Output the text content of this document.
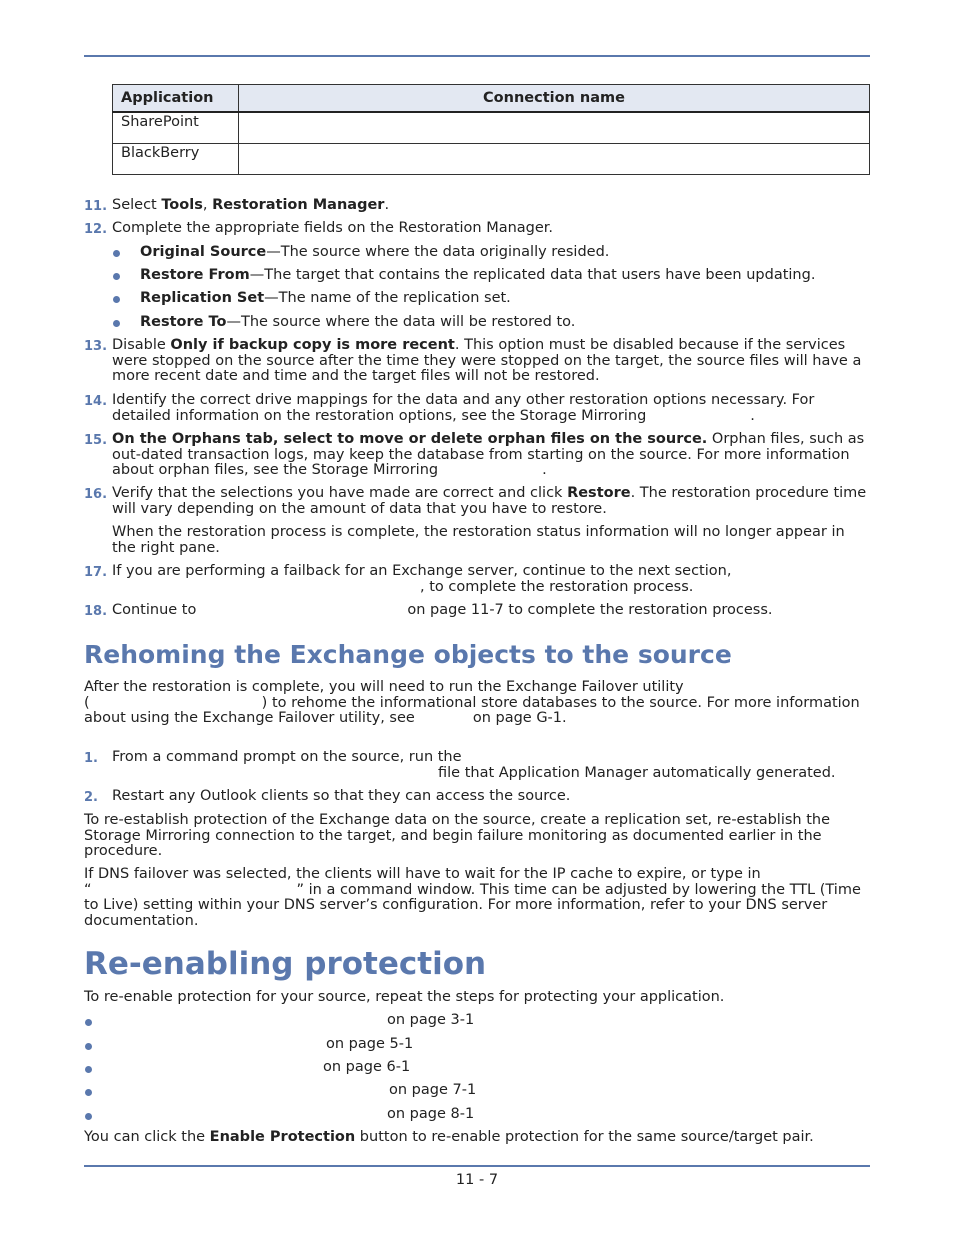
Application	Connection name
SharePoint	
BlackBerry	
11. Select Tools, Restoration Manager.
12. Complete the appropriate fields on the Restoration Manager.
Original Source—The source where the data originally resided.
Restore From—The target that contains the replicated data that users have been updating.
Replication Set—The name of the replication set.
Restore To—The source where the data will be restored to.
13. Disable Only if backup copy is more recent. This option must be disabled because if the services were stopped on the source after the time they were stopped on the target, the source files will have a more recent date and time and the target files will not be restored.
14. Identify the correct drive mappings for the data and any other restoration options necessary. For detailed information on the restoration options, see the Storage Mirroring	.
15. On the Orphans tab, select to move or delete orphan files on the source. Orphan files, such as out-dated transaction logs, may keep the database from starting on the source. For more information about orphan files, see the Storage Mirroring	.
16. Verify that the selections you have made are correct and click Restore. The restoration procedure time will vary depending on the amount of data that you have to restore.
When the restoration process is complete, the restoration status information will no longer appear in the right pane.
17. If you are performing a failback for an Exchange server, continue to the next section,
, to complete the restoration process.
18. Continue to	on page 11-7 to complete the restoration process.
Rehoming the Exchange objects to the source
After the restoration is complete, you will need to run the Exchange Failover utility
(	) to rehome the informational store databases to the source. For more information about using the Exchange Failover utility, see	on page G-1.
1. From a command prompt on the source, run the
file that Application Manager automatically generated.
2. Restart any Outlook clients so that they can access the source.
To re-establish protection of the Exchange data on the source, create a replication set, re-establish the Storage Mirroring connection to the target, and begin failure monitoring as documented earlier in the procedure.
If DNS failover was selected, the clients will have to wait for the IP cache to expire, or type in
“	” in a command window. This time can be adjusted by lowering the TTL (Time to Live) setting within your DNS server’s configuration. For more information, refer to your DNS server documentation.
Re-enabling protection
To re-enable protection for your source, repeat the steps for protecting your application.
on page 3-1
on page 5-1
on page 6-1
on page 7-1
on page 8-1
You can click the Enable Protection button to re-enable protection for the same source/target pair.
11 - 7
